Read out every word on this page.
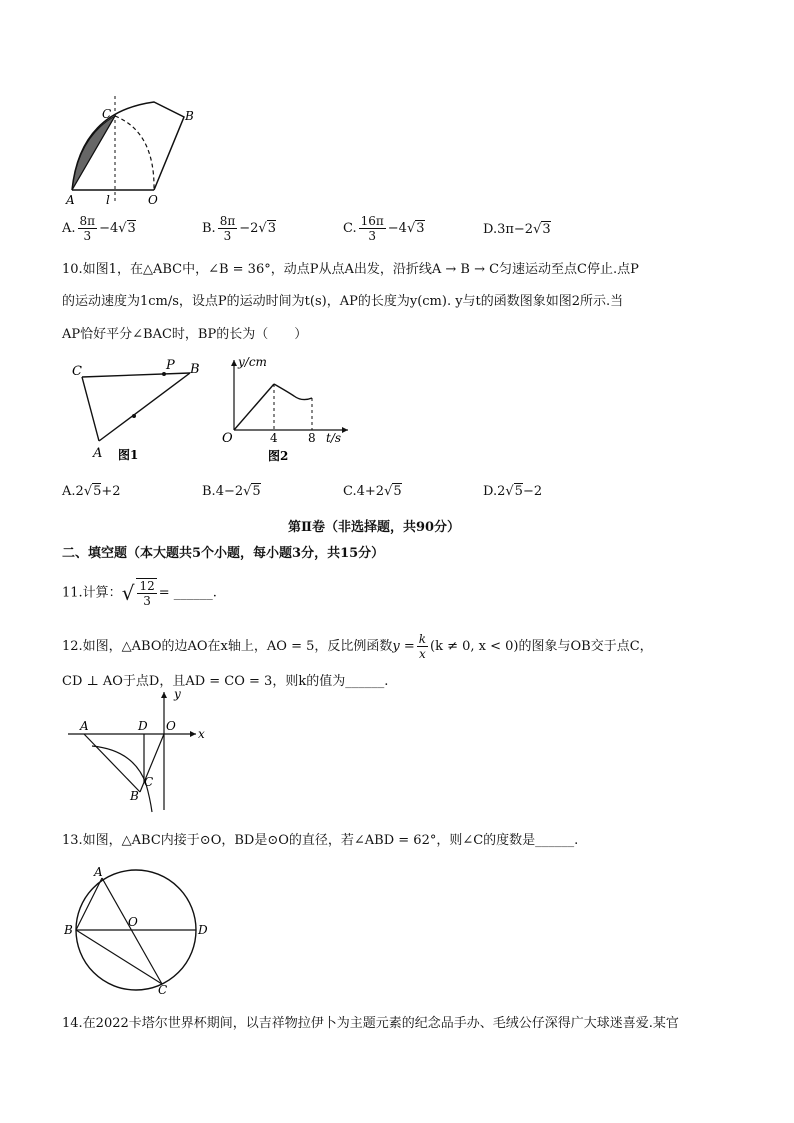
C	B
A	l	O
A. $\frac{8\pi}{3} -4√3$	B. $\frac{8\pi}{3} -2√3$	C. $\frac{16\pi}{3} -4√3$	D.3π−2√3
10.如图1，在△ABC中，∠B = 36°，动点P从点A出发，沿折线A → B → C匀速运动至点C停止.点P
的运动速度为1cm/s，设点P的运动时间为t(s)，AP的长度为y(cm). y与t的函数图象如图2所示.当
AP恰好平分∠BAC时，BP的长为（　　）
C	P B
A 图1
y/cm
O	4	8 t/s
图2
A.2√5+2	B.4−2√5	C.4+2√5	D.2√5−2
第Ⅱ卷（非选择题，共90分）
二、填空题（本大题共5个小题，每小题3分，共15分）
11.计算：√ $\frac{12}{3}$ = ______.
12.如图，△ABO的边AO在x轴上，AO = 5，反比例函数$y = \frac{k}{x} (k \ne 0$, x < 0)的图象与OB交于点C，
CD ⊥ AO于点D，且AD = CO = 3，则k的值为______.
y
x
A	D O
C
B
13.如图，△ABC内接于⊙O，BD是⊙O的直径，若∠ABD = 62°，则∠C的度数是______.
A
B
O
D
C
14.在2022卡塔尔世界杯期间，以吉祥物拉伊卜为主题元素的纪念品手办、毛绒公仔深得广大球迷喜爱.某官
